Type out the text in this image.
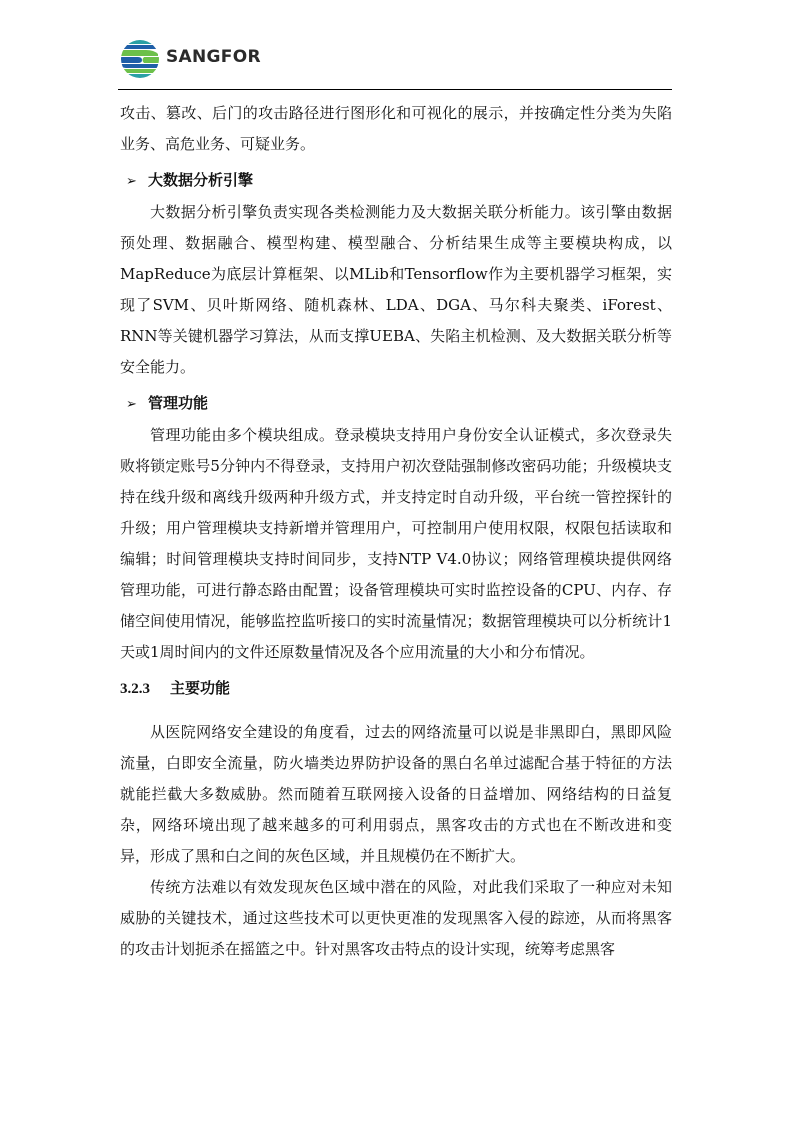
SANGFOR

攻击、篡改、后门的攻击路径进行图形化和可视化的展示，并按确定性分类为失陷业务、高危业务、可疑业务。

➢ 大数据分析引擎

大数据分析引擎负责实现各类检测能力及大数据关联分析能力。该引擎由数据预处理、数据融合、模型构建、模型融合、分析结果生成等主要模块构成，以MapReduce为底层计算框架、以MLib和Tensorflow作为主要机器学习框架，实现了SVM、贝叶斯网络、随机森林、LDA、DGA、马尔科夫聚类、iForest、RNN等关键机器学习算法，从而支撑UEBA、失陷主机检测、及大数据关联分析等安全能力。

➢ 管理功能

管理功能由多个模块组成。登录模块支持用户身份安全认证模式，多次登录失败将锁定账号5分钟内不得登录，支持用户初次登陆强制修改密码功能；升级模块支持在线升级和离线升级两种升级方式，并支持定时自动升级，平台统一管控探针的升级；用户管理模块支持新增并管理用户，可控制用户使用权限，权限包括读取和编辑；时间管理模块支持时间同步，支持NTP V4.0协议；网络管理模块提供网络管理功能，可进行静态路由配置；设备管理模块可实时监控设备的CPU、内存、存储空间使用情况，能够监控监听接口的实时流量情况；数据管理模块可以分析统计1天或1周时间内的文件还原数量情况及各个应用流量的大小和分布情况。

3.2.3 主要功能

从医院网络安全建设的角度看，过去的网络流量可以说是非黑即白，黑即风险流量，白即安全流量，防火墙类边界防护设备的黑白名单过滤配合基于特征的方法就能拦截大多数威胁。然而随着互联网接入设备的日益增加、网络结构的日益复杂，网络环境出现了越来越多的可利用弱点，黑客攻击的方式也在不断改进和变异，形成了黑和白之间的灰色区域，并且规模仍在不断扩大。

传统方法难以有效发现灰色区域中潜在的风险，对此我们采取了一种应对未知威胁的关键技术，通过这些技术可以更快更准的发现黑客入侵的踪迹，从而将黑客的攻击计划扼杀在摇篮之中。针对黑客攻击特点的设计实现，统筹考虑黑客
